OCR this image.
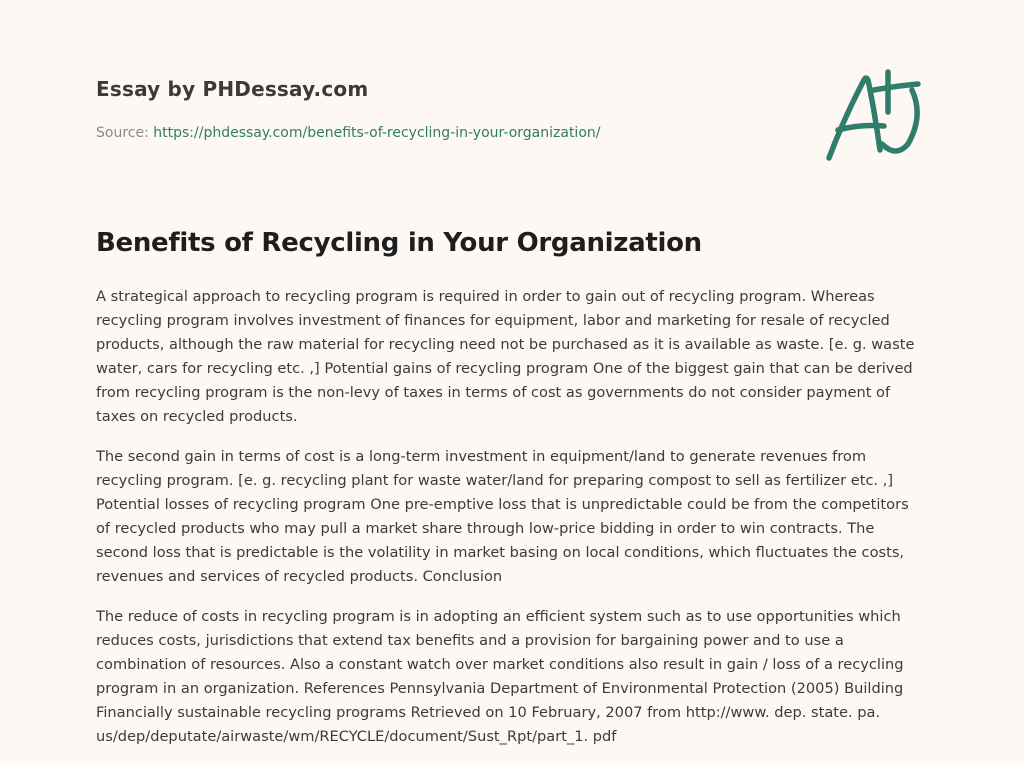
Essay by PHDessay.com

Source: https://phdessay.com/benefits-of-recycling-in-your-organization/

Benefits of Recycling in Your Organization

A strategical approach to recycling program is required in order to gain out of recycling program. Whereas recycling program involves investment of finances for equipment, labor and marketing for resale of recycled products, although the raw material for recycling need not be purchased as it is available as waste. [e. g. waste water, cars for recycling etc. ,] Potential gains of recycling program One of the biggest gain that can be derived from recycling program is the non-levy of taxes in terms of cost as governments do not consider payment of taxes on recycled products.

The second gain in terms of cost is a long-term investment in equipment/land to generate revenues from recycling program. [e. g. recycling plant for waste water/land for preparing compost to sell as fertilizer etc. ,] Potential losses of recycling program One pre-emptive loss that is unpredictable could be from the competitors of recycled products who may pull a market share through low-price bidding in order to win contracts. The second loss that is predictable is the volatility in market basing on local conditions, which fluctuates the costs, revenues and services of recycled products. Conclusion

The reduce of costs in recycling program is in adopting an efficient system such as to use opportunities which reduces costs, jurisdictions that extend tax benefits and a provision for bargaining power and to use a combination of resources. Also a constant watch over market conditions also result in gain / loss of a recycling program in an organization. References Pennsylvania Department of Environmental Protection (2005) Building Financially sustainable recycling programs Retrieved on 10 February, 2007 from http://www. dep. state. pa. us/dep/deputate/airwaste/wm/RECYCLE/document/Sust_Rpt/part_1. pdf
